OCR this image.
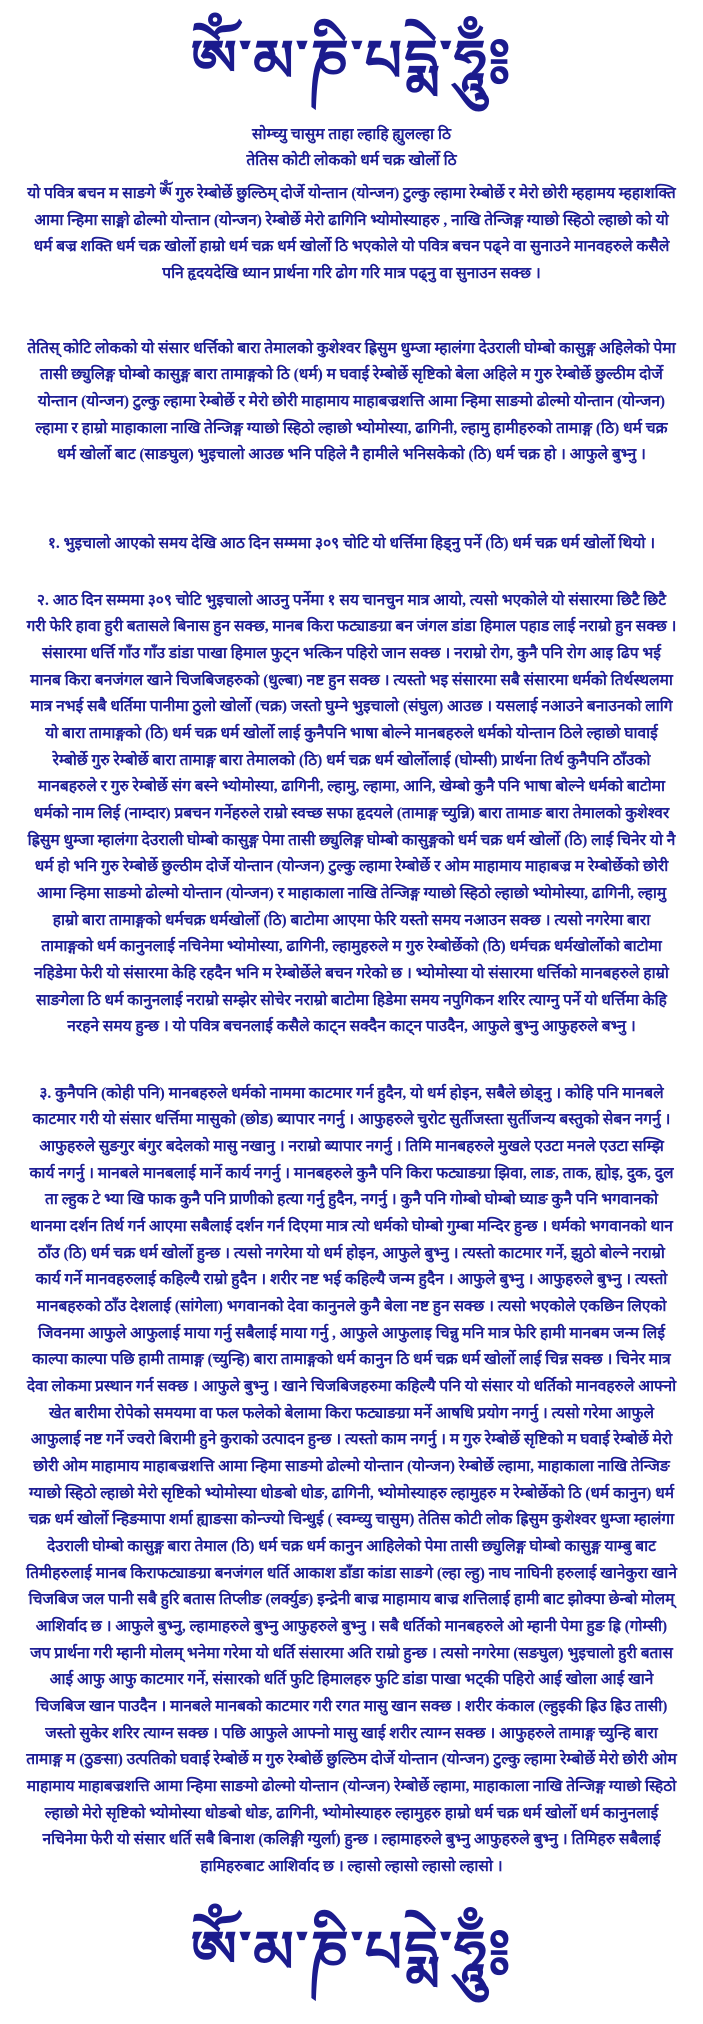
ཨོཾ་མ་ཎི་པདྨེ་ཧཱུྃ༔

सोम्च्यु चासुम ताहा ल्हाहि ह्युलल्हा ठि

तेतिस कोटी लोकको धर्म चक्र खोर्लो ठि

यो पवित्र बचन म साङगे ༀ गुरु रेम्बोर्छे छुल्ठिम् दोर्जे योन्तान (योन्जन) टुल्कु ल्हामा रेम्बोर्छे र मेरो छोरी म्हहामय म्हहाशक्ति आमा न्हिमा साङ्मो ढोल्मो योन्तान (योन्जन) रेम्बोर्छे मेरो ढागिनि भ्योमोस्याहरु , नाखि तेन्जिङ्ग ग्याछो स्हिठो ल्हाछो को यो धर्म बज्र शक्ति धर्म चक्र खोर्लो हाम्रो धर्म चक्र धर्म खोर्लो ठि भएकोले यो पवित्र बचन पढ्ने वा सुनाउने मानवहरुले कसैले पनि हृदयदेखि ध्यान प्रार्थना गरि ढोग गरि मात्र पढ्नु वा सुनाउन सक्छ ।

तेतिस् कोटि लोकको यो संसार धर्त्तिको बारा तेमालको कुशेश्वर ह्रिसुम धुम्जा म्हालंगा देउराली घोम्बो कासुङ्ग अहिलेको पेमा तासी छ्युलिङ्ग घोम्बो कासुङ्ग बारा तामाङ्गको ठि (धर्म) म घवाई रेम्बोर्छे सृष्टिको बेला अहिले म गुरु रेम्बोर्छे छुल्ठीम दोर्जे योन्तान (योन्जन) टुल्कु ल्हामा रेम्बोर्छे र मेरो छोरी माहामाय माहाबज्रशत्ति आमा न्हिमा साङमो ढोल्मो योन्तान (योन्जन) ल्हामा र हाम्रो माहाकाला नाखि तेन्जिङ्ग ग्याछो स्हिठो ल्हाछो भ्योमोस्या, ढागिनी, ल्हामु हामीहरुको तामाङ्ग (ठि) धर्म चक्र धर्म खोर्लो बाट (साङघुल) भुइचालो आउछ भनि पहिले नै हामीले भनिसकेको (ठि) धर्म चक्र हो । आफुले बुभ्नु ।

१. भुइचालो आएको समय देखि आठ दिन सम्ममा ३०९ चोटि यो धर्त्तिमा हिड्नु पर्ने (ठि) धर्म चक्र धर्म खोर्लो थियो ।

२. आठ दिन सम्ममा ३०९ चोटि भुइचालो आउनु पर्नेमा १ सय चानचुन मात्र आयो, त्यसो भएकोले यो संसारमा छिटै छिटै गरी फेरि हावा हुरी बतासले बिनास हुन सक्छ, मानब किरा फट्याङग्रा बन जंगल डांडा हिमाल पहाड लाई नराम्रो हुन सक्छ । संसारमा धर्त्ति गाँउ गाँउ डांडा पाखा हिमाल फुट्न भत्किन पहिरो जान सक्छ । नराम्रो रोग, कुनै पनि रोग आइ ढिप भई मानब किरा बनजंगल खाने चिजबिजहरुको (धुल्बा) नष्ट हुन सक्छ । त्यस्तो भइ संसारमा सबै संसारमा धर्मको तिर्थस्थलमा मात्र नभई सबै धर्तिमा पानीमा ठुलो खोर्लो (चक्र) जस्तो घुम्ने भुइचालो (संघुल) आउछ । यसलाई नआउने बनाउनको लागि यो बारा तामाङ्गको (ठि) धर्म चक्र धर्म खोर्लो लाई कुनैपनि भाषा बोल्ने मानबहरुले धर्मको योन्तान ठिले ल्हाछो घावाई रेम्बोर्छे गुरु रेम्बोर्छे बारा तामाङ्ग बारा तेमालको (ठि) धर्म चक्र धर्म खोर्लोलाई (घोम्सी) प्रार्थना तिर्थ कुनैपनि ठाँउको मानबहरुले र गुरु रेम्बोर्छे संग बस्ने भ्योमोस्या, ढागिनी, ल्हामु, ल्हामा, आनि, खेम्बो कुनै पनि भाषा बोल्ने धर्मको बाटोमा धर्मको नाम लिई (नाम्दार) प्रबचन गर्नेहरुले राम्रो स्वच्छ सफा हृदयले (तामाङ्ग च्युन्नि) बारा तामाङ बारा तेमालको कुशेश्वर ह्रिसुम धुम्जा म्हालंगा देउराली घोम्बो कासुङ्ग पेमा तासी छ्युलिङ्ग घोम्बो कासुङ्गको धर्म चक्र धर्म खोर्लो (ठि) लाई चिनेर यो नै धर्म हो भनि गुरु रेम्बोर्छे छुल्ठीम दोर्जे योन्तान (योन्जन) टुल्कु ल्हामा रेम्बोर्छे र ओम माहामाय माहाबज्र म रेम्बोर्छेको छोरी आमा न्हिमा साङमो ढोल्मो योन्तान (योन्जन) र माहाकाला नाखि तेन्जिङ्ग ग्याछो स्हिठो ल्हाछो भ्योमोस्या, ढागिनी, ल्हामु हाम्रो बारा तामाङ्गको धर्मचक्र धर्मखोर्लो (ठि) बाटोमा आएमा फेरि यस्तो समय नआउन सक्छ । त्यसो नगरेमा बारा तामाङ्गको धर्म कानुनलाई नचिनेमा भ्योमोस्या, ढागिनी, ल्हामुहरुले म गुरु रेम्बोर्छेको (ठि) धर्मचक्र धर्मखोर्लोको बाटोमा नहिडेमा फेरी यो संसारमा केहि रहदैन भनि म रेम्बोर्छेले बचन गरेको छ । भ्योमोस्या यो संसारमा धर्त्तिको मानबहरुले हाम्रो साङगेला ठि धर्म कानुनलाई नराम्रो सम्झेर सोचेर नराम्रो बाटोमा हिडेमा समय नपुगिकन शरिर त्याग्नु पर्ने यो धर्त्तिमा केहि नरहने समय हुन्छ । यो पवित्र बचनलाई कसैले काट्न सक्दैन काट्न पाउदैन, आफुले बुभ्नु आफुहरुले बभ्नु ।

३. कुनैपनि (कोही पनि) मानबहरुले धर्मको नाममा काटमार गर्न हुदैन, यो धर्म होइन, सबैले छोड्नु । कोहि पनि मानबले काटमार गरी यो संसार धर्त्तिमा मासुको (छोड) ब्यापार नगर्नु । आफुहरुले चुरोट सुर्तीजस्ता सुर्तीजन्य बस्तुको सेबन नगर्नु । आफुहरुले सुङगुर बंगुर बदेलको मासु नखानु । नराम्रो ब्यापार नगर्नु । तिमि मानबहरुले मुखले एउटा मनले एउटा सम्झि कार्य नगर्नु । मानबले मानबलाई मार्ने कार्य नगर्नु । मानबहरुले कुनै पनि किरा फट्याङग्रा झिवा, लाङ, ताक, ह्योइ, दुक, दुल ता ल्हुक टे भ्या खि फाक कुनै पनि प्राणीको हत्या गर्नु हुदैन, नगर्नु । कुनै पनि गोम्बो घोम्बो घ्याङ कुनै पनि भगवानको थानमा दर्शन तिर्थ गर्न आएमा सबैलाई दर्शन गर्न दिएमा मात्र त्यो धर्मको घोम्बो गुम्बा मन्दिर हुन्छ । धर्मको भगवानको थान ठाँउ (ठि) धर्म चक्र धर्म खोर्लो हुन्छ । त्यसो नगरेमा यो धर्म होइन, आफुले बुभ्नु । त्यस्तो काटमार गर्ने, झुठो बोल्ने नराम्रो कार्य गर्ने मानवहरुलाई कहिल्यै राम्रो हुदैन । शरीर नष्ट भई कहिल्यै जन्म हुदैन । आफुले बुभ्नु । आफुहरुले बुभ्नु । त्यस्तो मानबहरुको ठाँउ देशलाई (सांगेला) भगवानको देवा कानुनले कुनै बेला नष्ट हुन सक्छ । त्यसो भएकोले एकछिन लिएको जिवनमा आफुले आफुलाई माया गर्नु सबैलाई माया गर्नु , आफुले आफुलाइ चिन्नु मनि मात्र फेरि हामी मानबम जन्म लिई काल्पा काल्पा पछि हामी तामाङ्ग (च्युन्हि) बारा तामाङ्गको धर्म कानुन ठि धर्म चक्र धर्म खोर्लो लाई चिन्न सक्छ । चिनेर मात्र देवा लोकमा प्रस्थान गर्न सक्छ । आफुले बुभ्नु । खाने चिजबिजहरुमा कहिल्यै पनि यो संसार यो धर्तिको मानवहरुले आफ्नो खेत बारीमा रोपेको समयमा वा फल फलेको बेलामा किरा फट्याङग्रा मर्ने आषधि प्रयोग नगर्नु । त्यसो गरेमा आफुले आफुलाई नष्ट गर्ने ज्वरो बिरामी हुने कुराको उत्पादन हुन्छ । त्यस्तो काम नगर्नु । म गुरु रेम्बोर्छे सृष्टिको म घवाई रेम्बोर्छे मेरो छोरी ओम माहामाय माहाबज्रशत्ति आमा न्हिमा साङमो ढोल्मो योन्तान (योन्जन) रेम्बोर्छे ल्हामा, माहाकाला नाखि तेन्जिङ ग्याछो स्हिठो ल्हाछो मेरो सृष्टिको भ्योमोस्या धोङबो धोङ, ढागिनी, भ्योमोस्याहरु ल्हामुहरु म रेम्बोर्छेको ठि (धर्म कानुन) धर्म चक्र धर्म खोर्लो न्हिङमापा शर्मा ह्याङसा कोन्ज्यो चिन्धुई ( स्वम्च्यु चासुम) तेतिस कोटी लोक ह्रिसुम कुशेश्वर धुम्जा म्हालंगा देउराली घोम्बो कासुङ्ग बारा तेमाल (ठि) धर्म चक्र धर्म कानुन आहिलेको पेमा तासी छ्युलिङ्ग घोम्बो कासुङ्ग याम्बु बाट तिमीहरुलाई मानब किराफट्याङग्रा बनजंगल धर्ति आकाश डाँडा कांडा साङगे (ल्हा ल्हु) नाघ नाघिनी हरुलाई खानेकुरा खाने चिजबिज जल पानी सबै हुरि बतास तिप्लीङ (लर्क्युङ) इन्द्रेनी बाज्र माहामाय बाज्र शत्तिलाई हामी बाट झोक्पा छेन्बो मोलम् आशिर्वाद छ । आफुले बुभ्नु, ल्हामाहरुले बुभ्नु आफुहरुले बुभ्नु । सबै धर्तिको मानबहरुले ओ म्हानी पेमा हुङ ह्रि (गोम्सी) जप प्रार्थना गरी म्हानी मोलम् भनेमा गरेमा यो धर्ति संसारमा अति राम्रो हुन्छ । त्यसो नगरेमा (सङघुल) भुइचालो हुरी बतास आई आफु आफु काटमार गर्ने, संसारको धर्ति फुटि हिमालहरु फुटि डांडा पाखा भट्की पहिरो आई खोला आई खाने चिजबिज खान पाउदैन । मानबले मानबको काटमार गरी रगत मासु खान सक्छ । शरीर कंकाल (ल्हुइकी ह्रिउ ह्रिउ तासी) जस्तो सुकेर शरिर त्याग्न सक्छ । पछि आफुले आफ्नो मासु खाई शरीर त्याग्न सक्छ । आफुहरुले तामाङ्ग च्युन्हि बारा तामाङ्ग म (ठुङसा) उत्पतिको घवाई रेम्बोर्छे म गुरु रेम्बोर्छे छुल्ठिम दोर्जे योन्तान (योन्जन) टुल्कु ल्हामा रेम्बोर्छे मेरो छोरी ओम माहामाय माहाबज्रशत्ति आमा न्हिमा साङमो ढोल्मो योन्तान (योन्जन) रेम्बोर्छे ल्हामा, माहाकाला नाखि तेन्जिङ्ग ग्याछो स्हिठो ल्हाछो मेरो सृष्टिको भ्योमोस्या धोङबो धोङ, ढागिनी, भ्योमोस्याहरु ल्हामुहरु हाम्रो धर्म चक्र धर्म खोर्लो धर्म कानुनलाई नचिनेमा फेरी यो संसार धर्ति सबै बिनाश (कलिङ्गी ग्युर्ला) हुन्छ । ल्हामाहरुले बुभ्नु आफुहरुले बुभ्नु । तिमिहरु सबैलाई हामिहरुबाट आशिर्वाद छ । ल्हासो ल्हासो ल्हासो ल्हासो ।

ཨོཾ་མ་ཎི་པདྨེ་ཧཱུྃ༔
